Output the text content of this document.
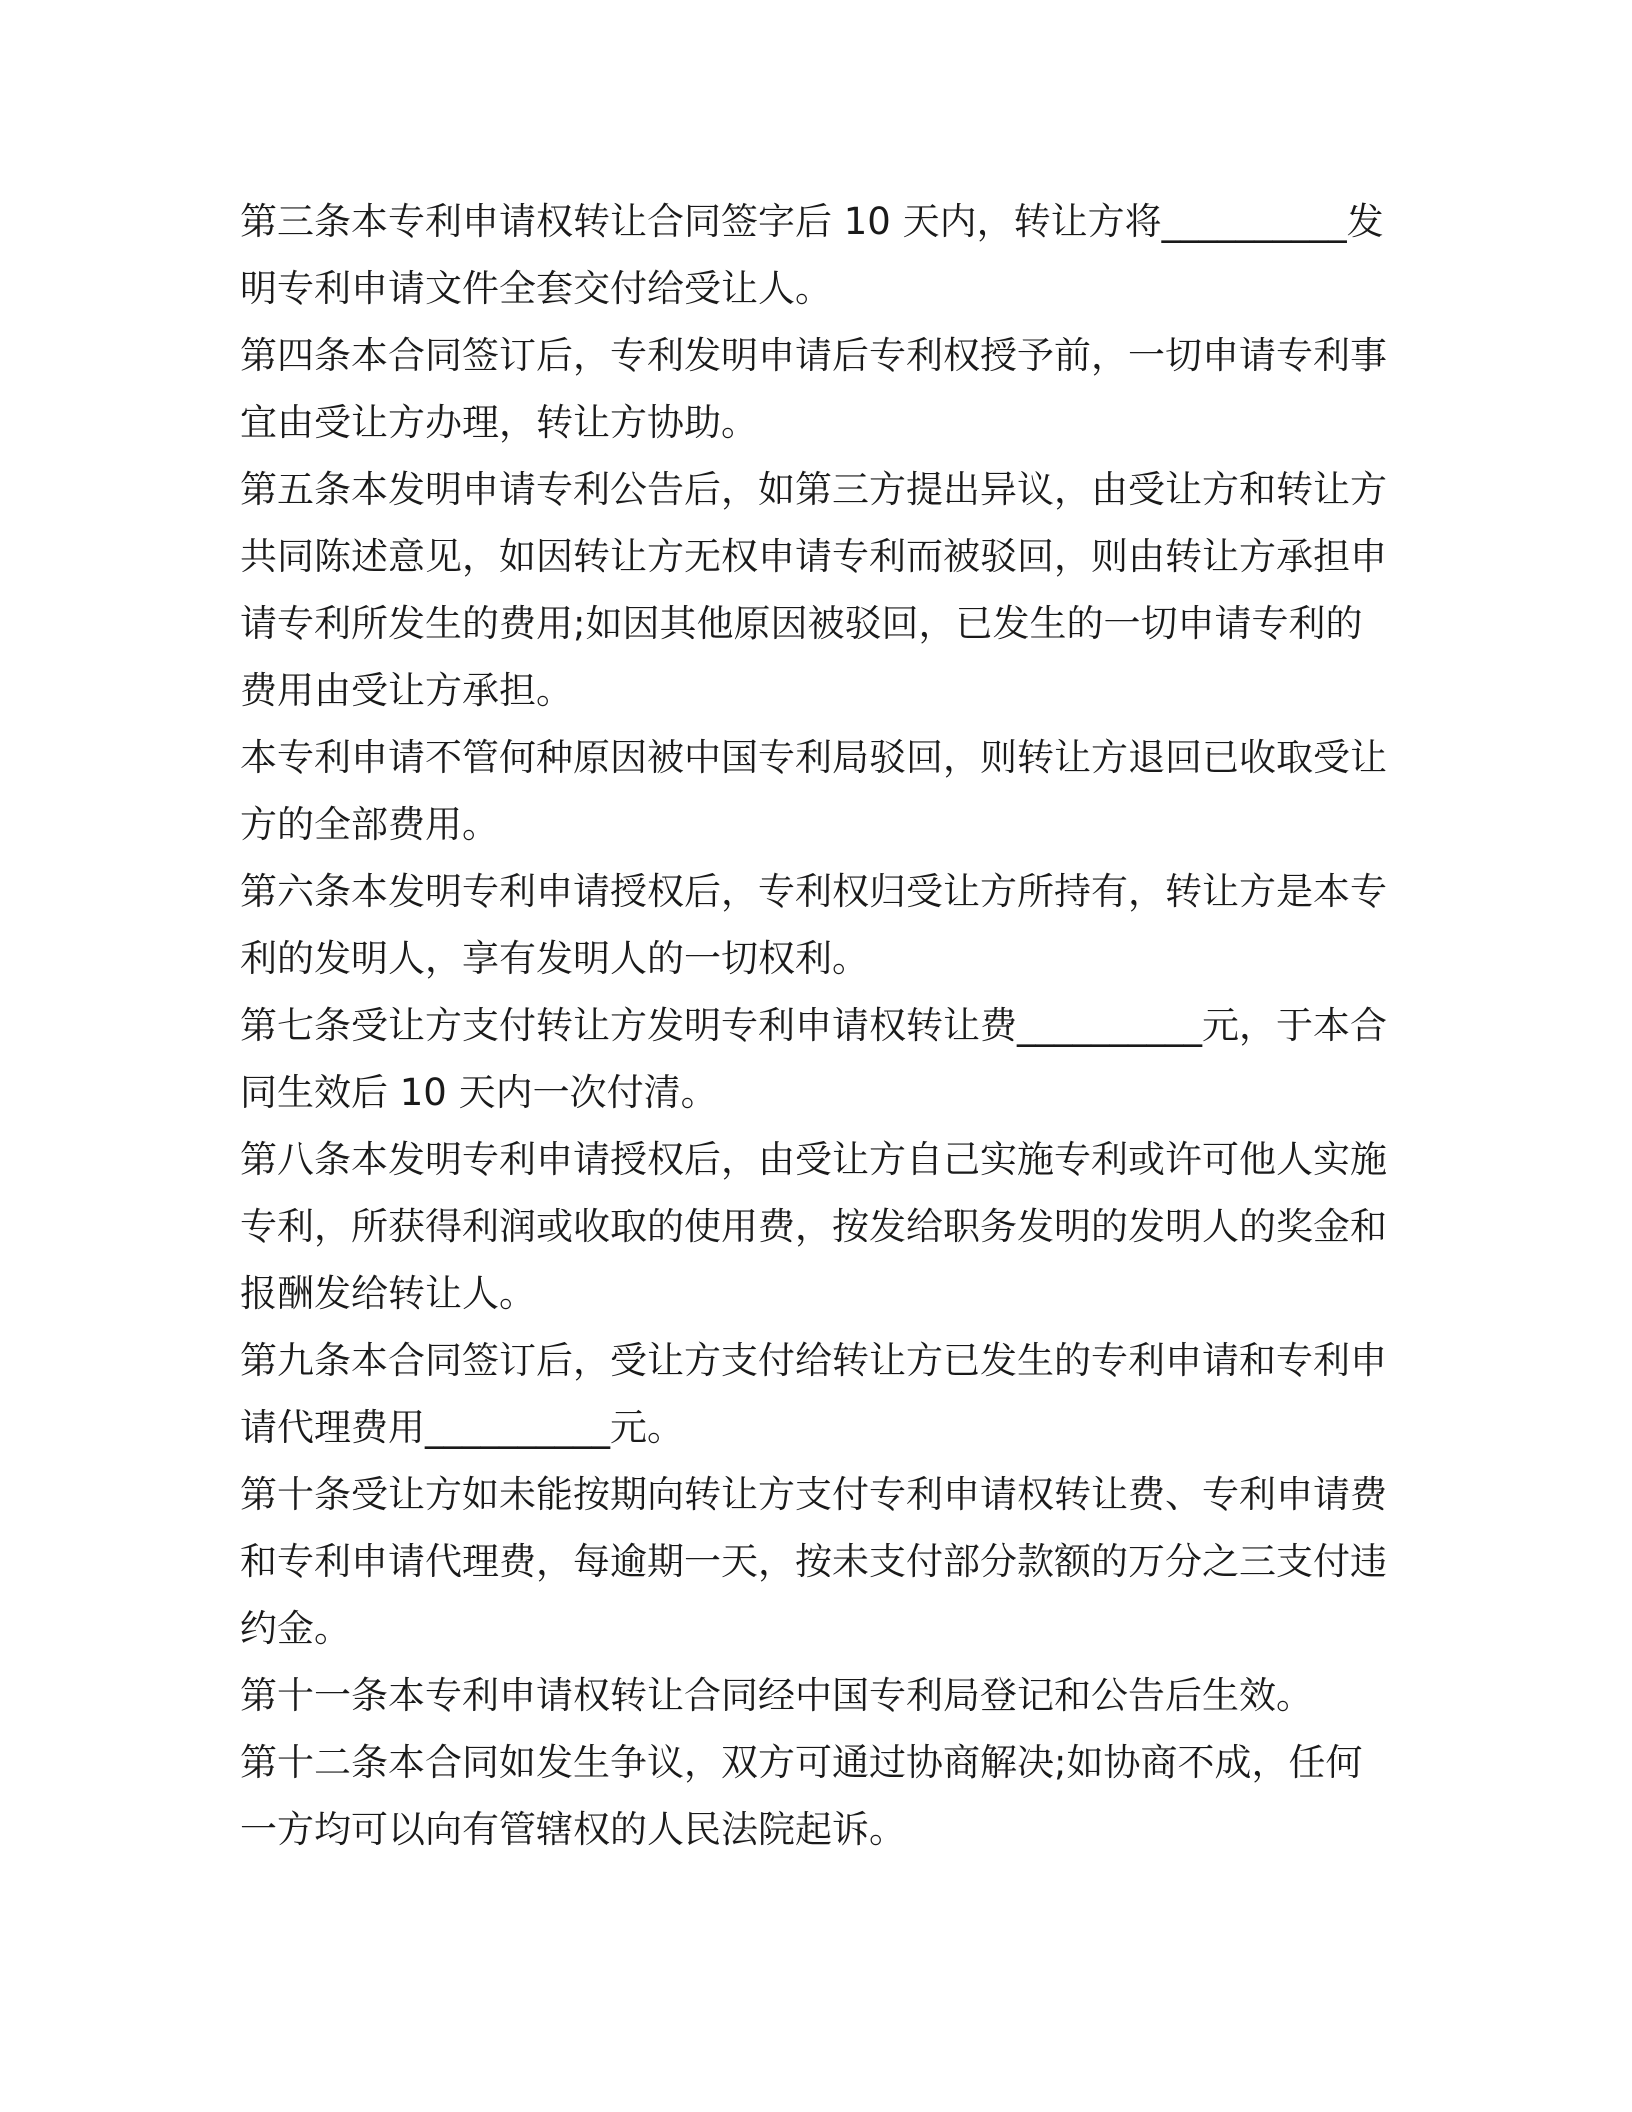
第三条本专利申请权转让合同签字后 10 天内，转让方将__________发明专利申请文件全套交付给受让人。

第四条本合同签订后，专利发明申请后专利权授予前，一切申请专利事宜由受让方办理，转让方协助。

第五条本发明申请专利公告后，如第三方提出异议，由受让方和转让方共同陈述意见，如因转让方无权申请专利而被驳回，则由转让方承担申请专利所发生的费用;如因其他原因被驳回，已发生的一切申请专利的费用由受让方承担。

本专利申请不管何种原因被中国专利局驳回，则转让方退回已收取受让方的全部费用。

第六条本发明专利申请授权后，专利权归受让方所持有，转让方是本专利的发明人，享有发明人的一切权利。

第七条受让方支付转让方发明专利申请权转让费__________元，于本合同生效后 10 天内一次付清。

第八条本发明专利申请授权后，由受让方自己实施专利或许可他人实施专利，所获得利润或收取的使用费，按发给职务发明的发明人的奖金和报酬发给转让人。

第九条本合同签订后，受让方支付给转让方已发生的专利申请和专利申请代理费用__________元。

第十条受让方如未能按期向转让方支付专利申请权转让费、专利申请费和专利申请代理费，每逾期一天，按未支付部分款额的万分之三支付违约金。

第十一条本专利申请权转让合同经中国专利局登记和公告后生效。

第十二条本合同如发生争议，双方可通过协商解决;如协商不成，任何一方均可以向有管辖权的人民法院起诉。
